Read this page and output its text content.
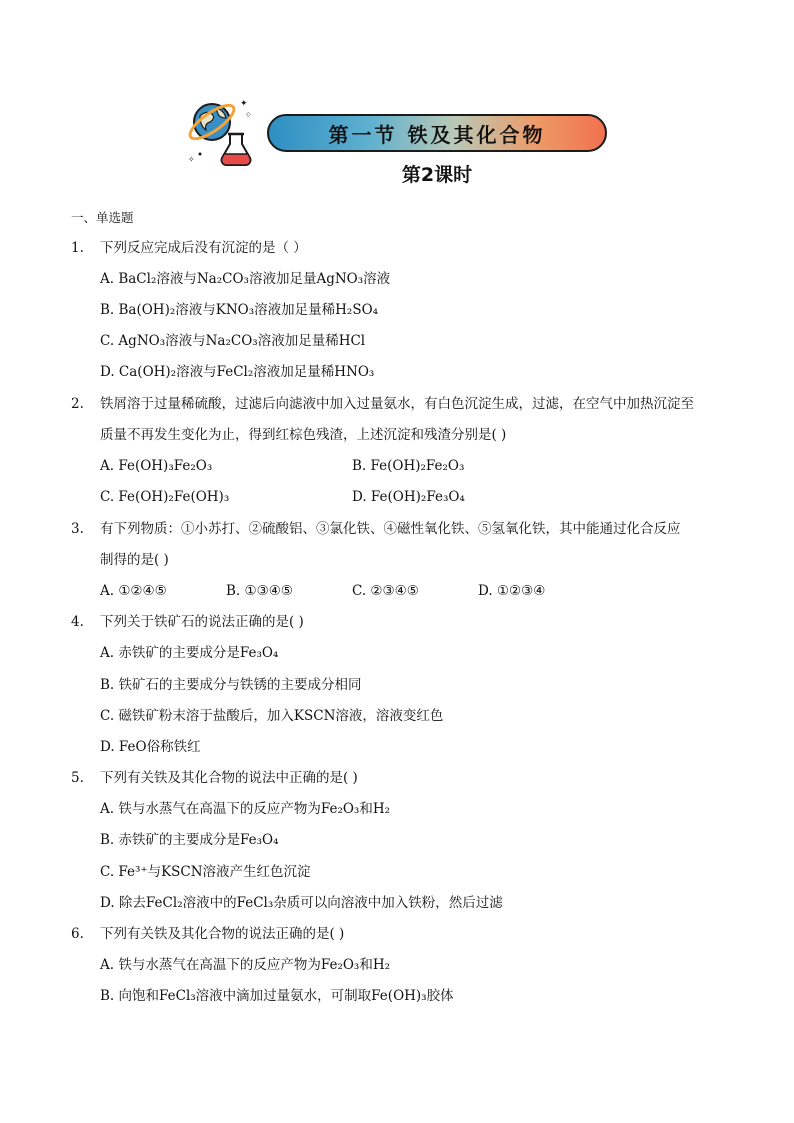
✦
◇
✧
第一节 铁及其化合物
第2课时
一、单选题
1. 下列反应完成后没有沉淀的是（ ）
A. BaCl₂溶液与Na₂CO₃溶液加足量AgNO₃溶液
B. Ba(OH)₂溶液与KNO₃溶液加足量稀H₂SO₄
C. AgNO₃溶液与Na₂CO₃溶液加足量稀HCl
D. Ca(OH)₂溶液与FeCl₂溶液加足量稀HNO₃
2. 铁屑溶于过量稀硫酸，过滤后向滤液中加入过量氨水，有白色沉淀生成，过滤，在空气中加热沉淀至
质量不再发生变化为止，得到红棕色残渣，上述沉淀和残渣分别是( )
A. Fe(OH)₃Fe₂O₃	B. Fe(OH)₂Fe₂O₃
C. Fe(OH)₂Fe(OH)₃	D. Fe(OH)₂Fe₃O₄
3. 有下列物质：①小苏打、②硫酸铝、③氯化铁、④磁性氧化铁、⑤氢氧化铁，其中能通过化合反应
制得的是( )
A. ①②④⑤	B. ①③④⑤	C. ②③④⑤	D. ①②③④
4. 下列关于铁矿石的说法正确的是( )
A. 赤铁矿的主要成分是Fe₃O₄
B. 铁矿石的主要成分与铁锈的主要成分相同
C. 磁铁矿粉末溶于盐酸后，加入KSCN溶液，溶液变红色
D. FeO俗称铁红
5. 下列有关铁及其化合物的说法中正确的是( )
A. 铁与水蒸气在高温下的反应产物为Fe₂O₃和H₂
B. 赤铁矿的主要成分是Fe₃O₄
C. Fe³⁺与KSCN溶液产生红色沉淀
D. 除去FeCl₂溶液中的FeCl₃杂质可以向溶液中加入铁粉，然后过滤
6. 下列有关铁及其化合物的说法正确的是( )
A. 铁与水蒸气在高温下的反应产物为Fe₂O₃和H₂
B. 向饱和FeCl₃溶液中滴加过量氨水，可制取Fe(OH)₃胶体
